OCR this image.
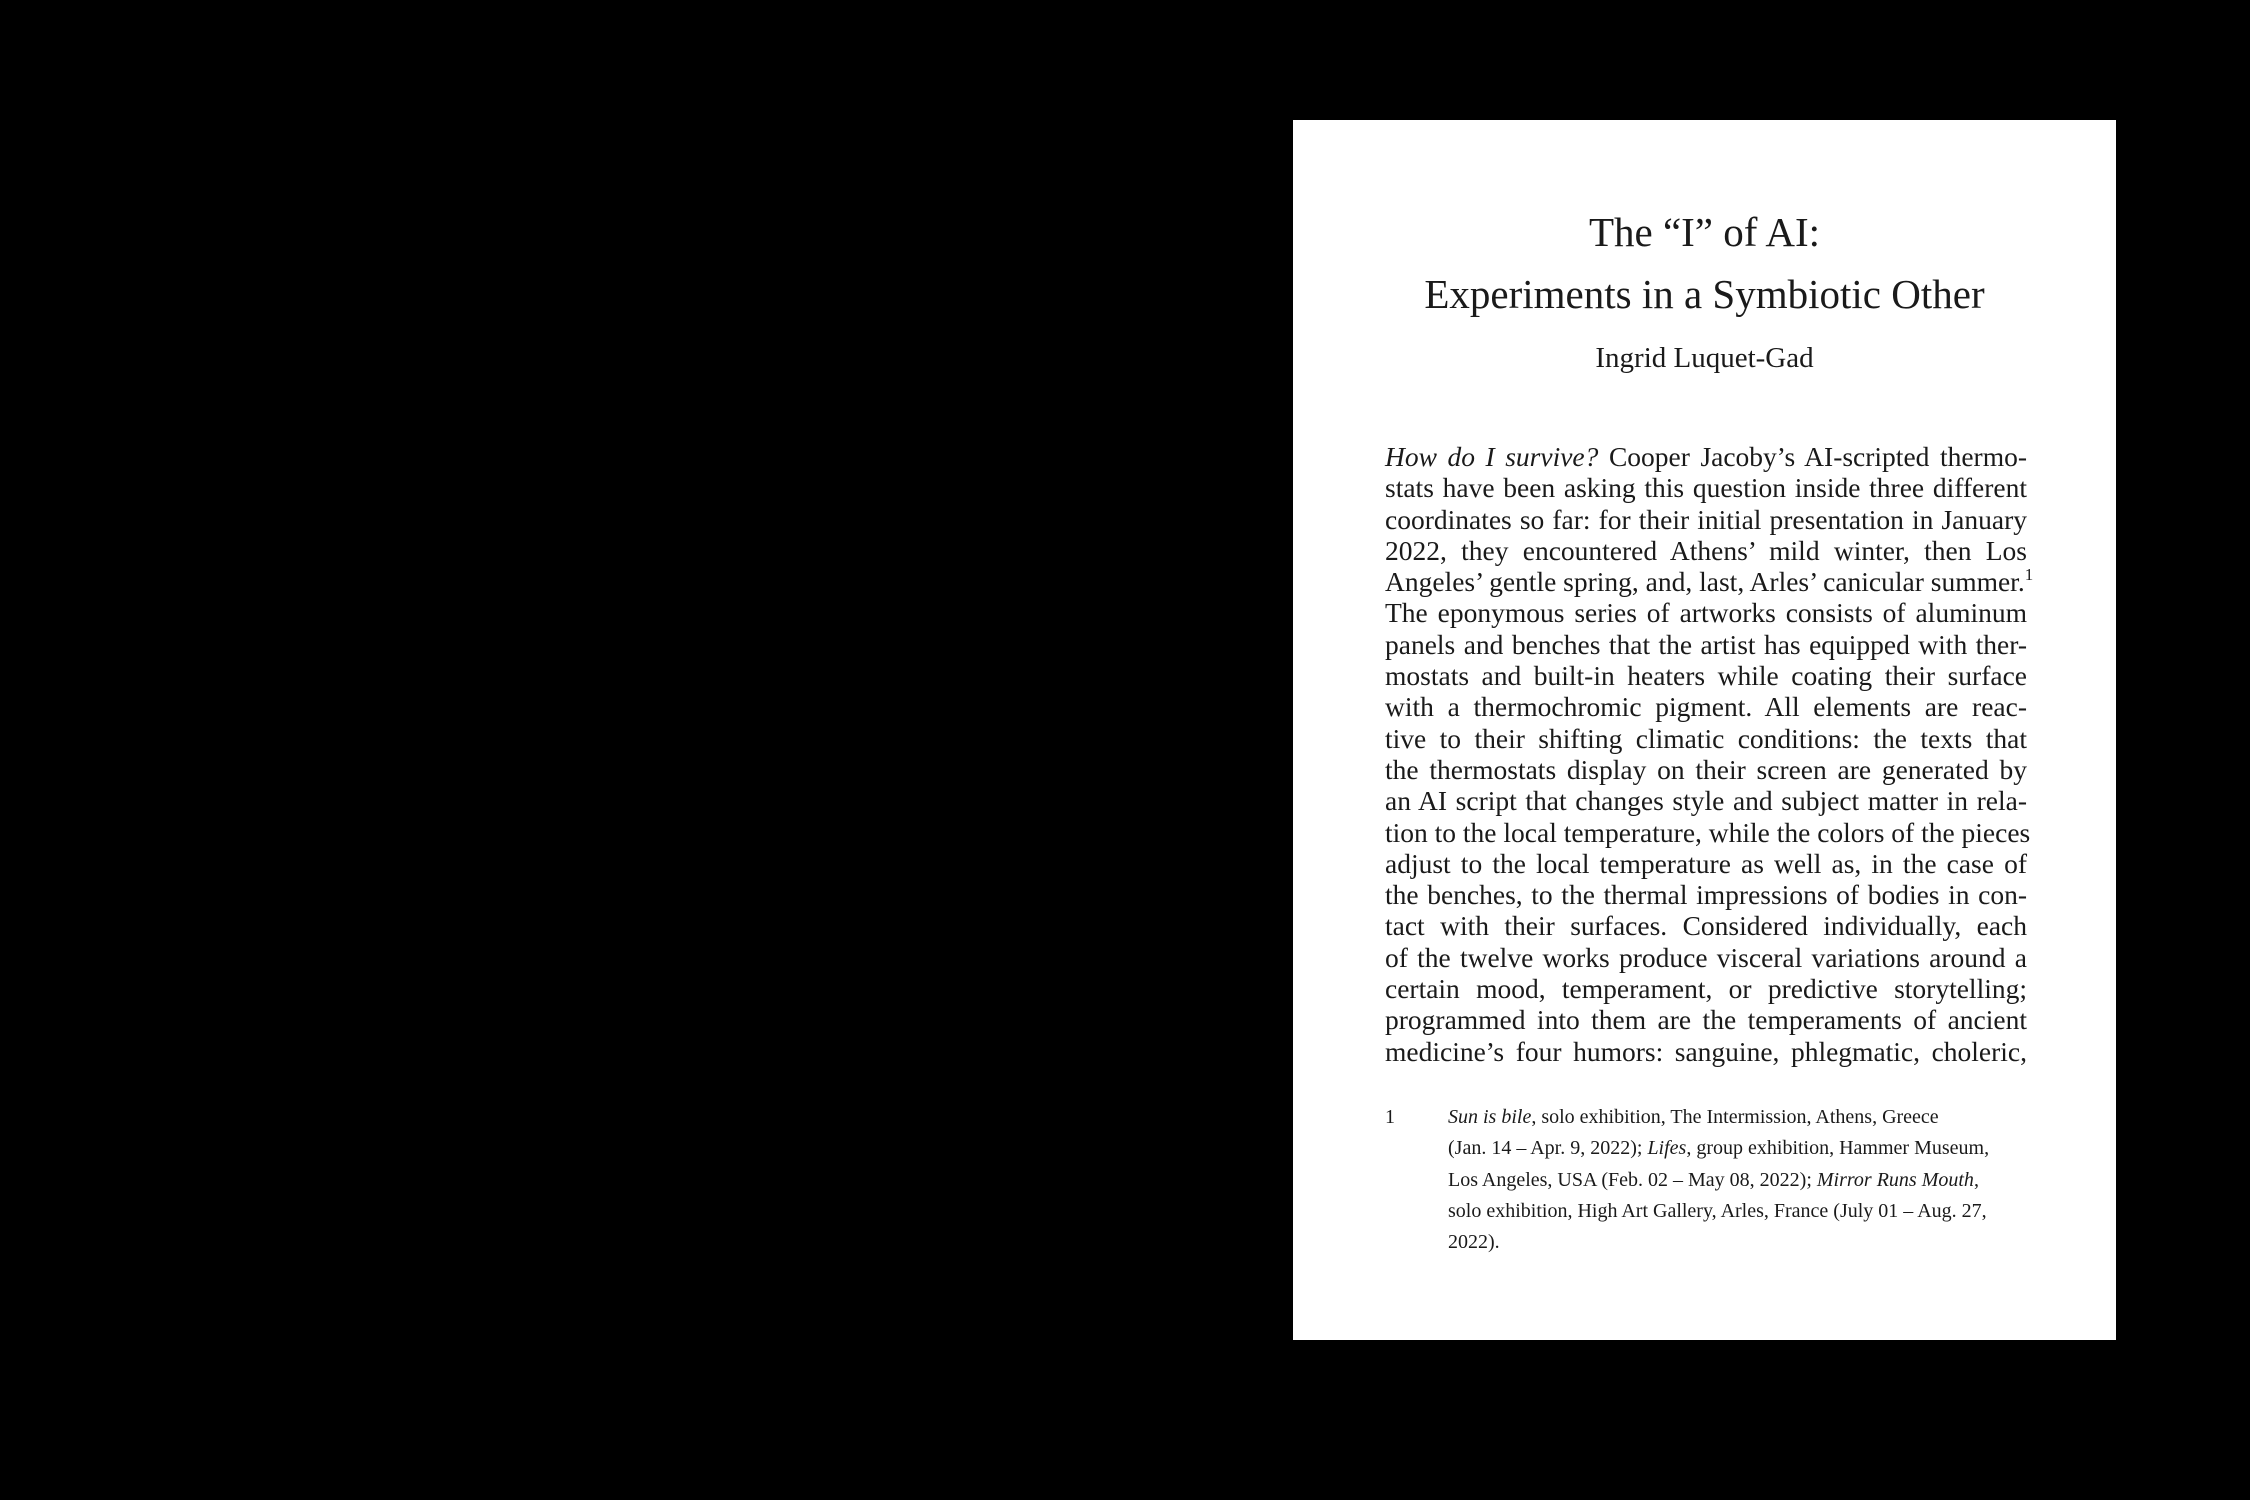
The “I” of AI:
Experiments in a Symbiotic Other

Ingrid Luquet-Gad

How do I survive? Cooper Jacoby’s AI-scripted thermo-
stats have been asking this question inside three different
coordinates so far: for their initial presentation in January
2022, they encountered Athens’ mild winter, then Los
Angeles’ gentle spring, and, last, Arles’ canicular summer.$^1$
The eponymous series of artworks consists of aluminum
panels and benches that the artist has equipped with ther-
mostats and built-in heaters while coating their surface
with a thermochromic pigment. All elements are reac-
tive to their shifting climatic conditions: the texts that
the thermostats display on their screen are generated by
an AI script that changes style and subject matter in rela-
tion to the local temperature, while the colors of the pieces
adjust to the local temperature as well as, in the case of
the benches, to the thermal impressions of bodies in con-
tact with their surfaces. Considered individually, each
of the twelve works produce visceral variations around a
certain mood, temperament, or predictive storytelling;
programmed into them are the temperaments of ancient
medicine’s four humors: sanguine, phlegmatic, choleric,
1	Sun is bile, solo exhibition, The Intermission, Athens, Greece
(Jan. 14 – Apr. 9, 2022); Lifes, group exhibition, Hammer Museum,
Los Angeles, USA (Feb. 02 – May 08, 2022); Mirror Runs Mouth,
solo exhibition, High Art Gallery, Arles, France (July 01 – Aug. 27,
2022).
